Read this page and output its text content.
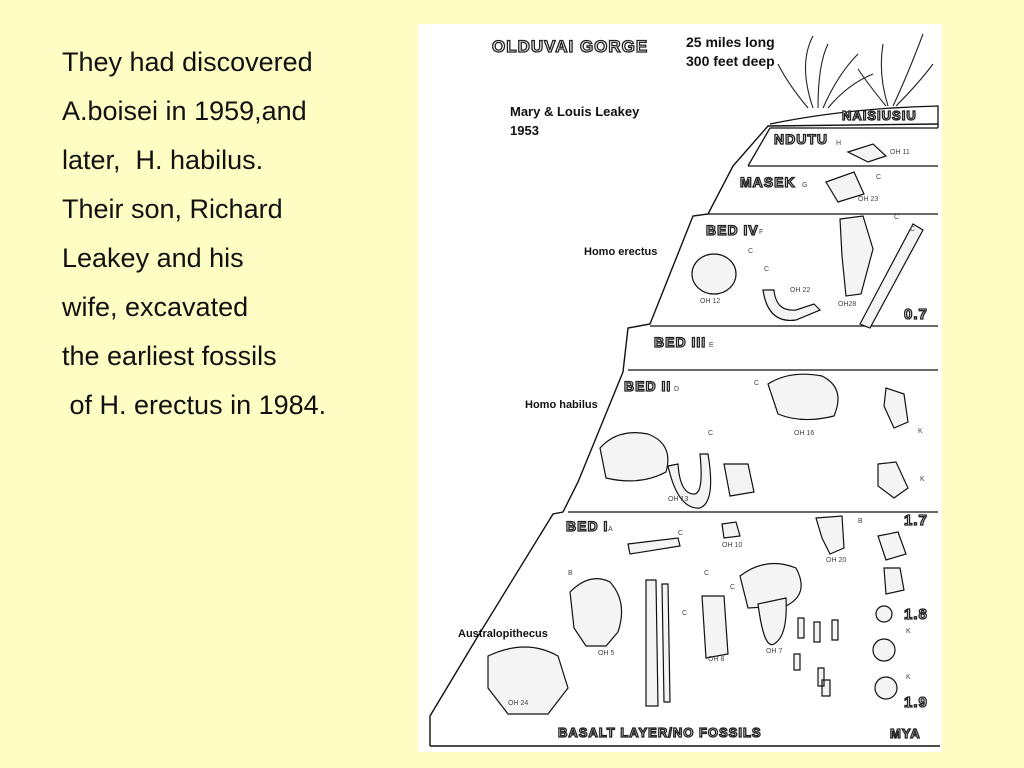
They had discovered
A.boisei in 1959,and
later,  H. habilus.
Their son, Richard
Leakey and his
wife, excavated
the earliest fossils
of H. erectus in 1984.
OLDUVAI GORGE	25 miles long
300 feet deep
Mary & Louis Leakey
1953
NAISIUSIU
NDUTU H
MASEK G
BED IV F
BED III E
BED II D
BED I A
BASALT LAYER/NO FOSSILS
Homo erectus
Homo habilus
Australopithecus
0.7
1.7
1.8
1.9
MYA
OH 11
OH 23
OH 12
OH 22
OH28
OH 16
OH 13
OH 10
OH 20
OH 5
OH 8
OH 7
OH 24
C
C
C
C
C
C
K
K
C
C
B
B
C
C
C
K
K
